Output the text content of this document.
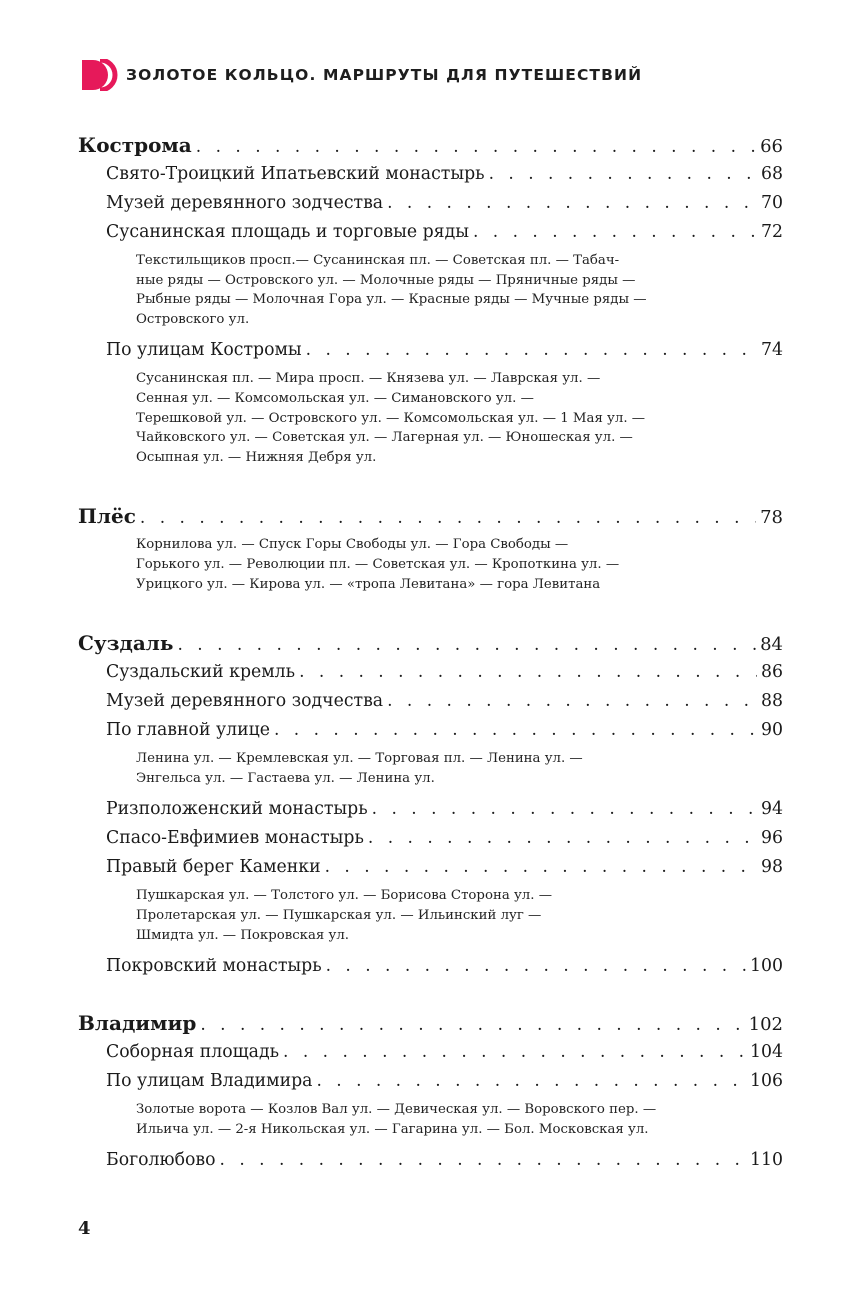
ЗОЛОТОЕ КОЛЬЦО. МАРШРУТЫ ДЛЯ ПУТЕШЕСТВИЙ
Кострома . . .	66
Свято-Троицкий Ипатьевский монастырь . . .	68
Музей деревянного зодчества . . .	70
Сусанинская площадь и торговые ряды . . .	72
Текстильщиков просп.— Сусанинская пл. — Советская пл. — Табач-
ные ряды — Островского ул. — Молочные ряды — Пряничные ряды —
Рыбные ряды — Молочная Гора ул. — Красные ряды — Мучные ряды —
Островского ул.
По улицам Костромы . . .	74
Сусанинская пл. — Мира просп. — Князева ул. — Лаврская ул. —
Сенная ул. — Комсомольская ул. — Симановского ул. —
Терешковой ул. — Островского ул. — Комсомольская ул. — 1 Мая ул. —
Чайковского ул. — Советская ул. — Лагерная ул. — Юношеская ул. —
Осыпная ул. — Нижняя Дебря ул.
Плёс . . .	78
Корнилова ул. — Спуск Горы Свободы ул. — Гора Свободы —
Горького ул. — Революции пл. — Советская ул. — Кропоткина ул. —
Урицкого ул. — Кирова ул. — «тропа Левитана» — гора Левитана
Суздаль . . .	84
Суздальский кремль . . .	86
Музей деревянного зодчества . . .	88
По главной улице . . .	90
Ленина ул. — Кремлевская ул. — Торговая пл. — Ленина ул. —
Энгельса ул. — Гастаева ул. — Ленина ул.
Ризположенский монастырь . . .	94
Спасо-Евфимиев монастырь . . .	96
Правый берег Каменки . . .	98
Пушкарская ул. — Толстого ул. — Борисова Сторона ул. —
Пролетарская ул. — Пушкарская ул. — Ильинский луг —
Шмидта ул. — Покровская ул.
Покровский монастырь . . .	100
Владимир . . .	102
Соборная площадь . . .	104
По улицам Владимира . . .	106
Золотые ворота — Козлов Вал ул. — Девическая ул. — Воровского пер. —
Ильича ул. — 2-я Никольская ул. — Гагарина ул. — Бол. Московская ул.
Боголюбово . . .	110
4
